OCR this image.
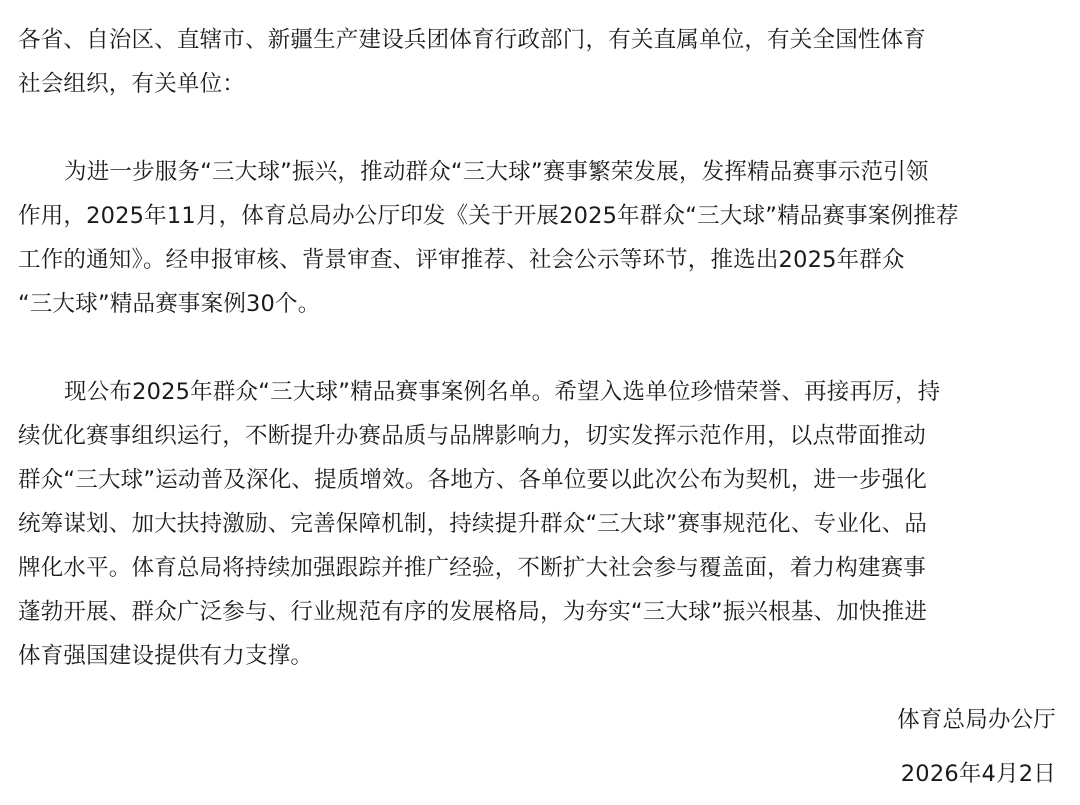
各省、自治区、直辖市、新疆生产建设兵团体育行政部门，有关直属单位，有关全国性体育
社会组织，有关单位：
为进一步服务“三大球”振兴，推动群众“三大球”赛事繁荣发展，发挥精品赛事示范引领
作用，2025年11月，体育总局办公厅印发《关于开展2025年群众“三大球”精品赛事案例推荐
工作的通知》。经申报审核、背景审查、评审推荐、社会公示等环节，推选出2025年群众
“三大球”精品赛事案例30个。
现公布2025年群众“三大球”精品赛事案例名单。希望入选单位珍惜荣誉、再接再厉，持
续优化赛事组织运行，不断提升办赛品质与品牌影响力，切实发挥示范作用，以点带面推动
群众“三大球”运动普及深化、提质增效。各地方、各单位要以此次公布为契机，进一步强化
统筹谋划、加大扶持激励、完善保障机制，持续提升群众“三大球”赛事规范化、专业化、品
牌化水平。体育总局将持续加强跟踪并推广经验，不断扩大社会参与覆盖面，着力构建赛事
蓬勃开展、群众广泛参与、行业规范有序的发展格局，为夯实“三大球”振兴根基、加快推进
体育强国建设提供有力支撑。
体育总局办公厅
2026年4月2日
